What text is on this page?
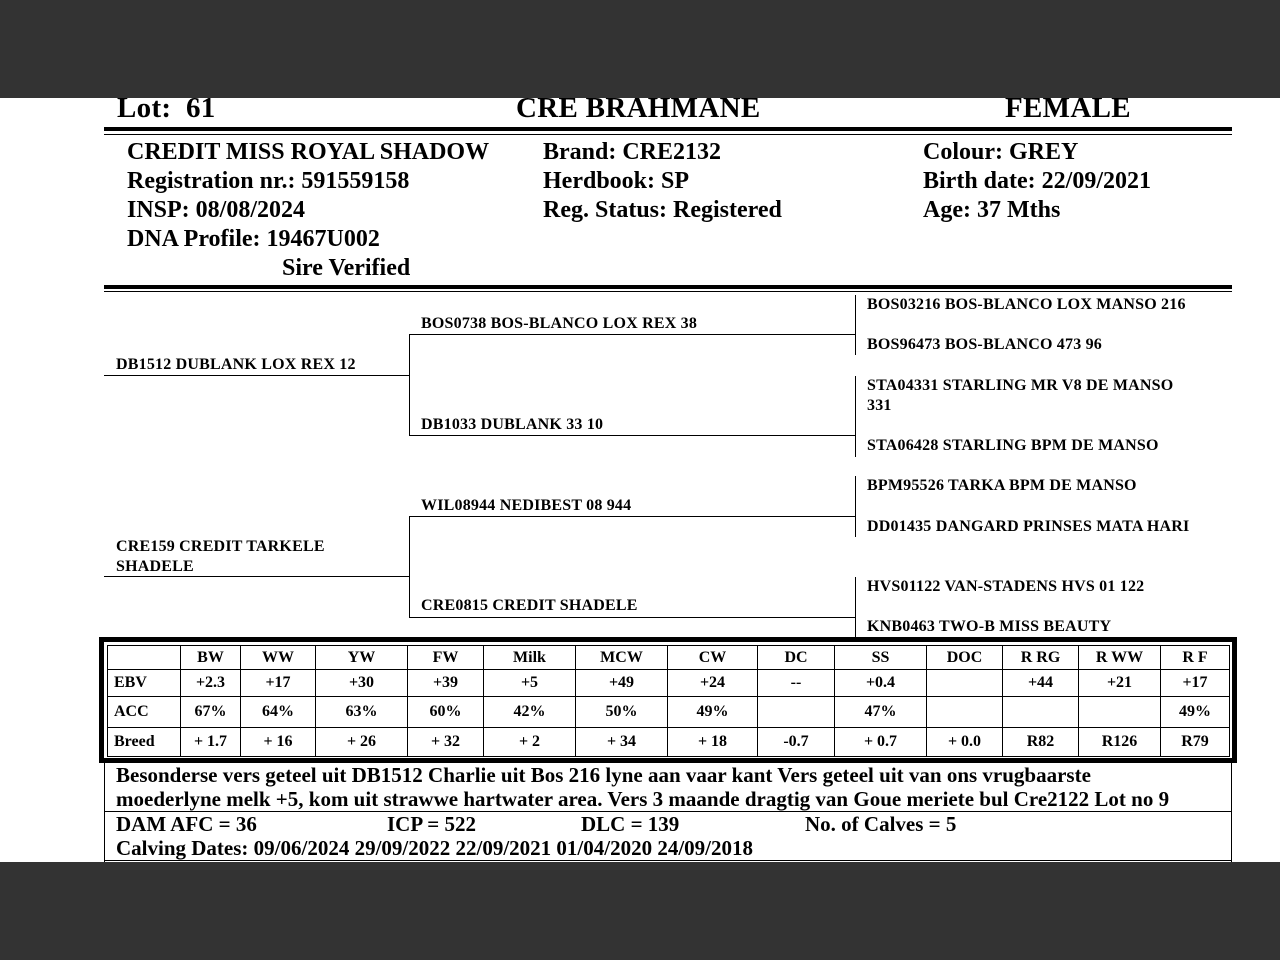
Lot: 61	CRE BRAHMANE	FEMALE
CREDIT MISS ROYAL SHADOW
Registration nr.: 591559158
INSP: 08/08/2024
DNA Profile: 19467U002
Sire Verified
Brand: CRE2132
Herdbook: SP
Reg. Status: Registered
Colour: GREY
Birth date: 22/09/2021
Age: 37 Mths
DB1512 DUBLANK LOX REX 12
CRE159 CREDIT TARKELE
SHADELE
BOS0738 BOS-BLANCO LOX REX 38
DB1033 DUBLANK 33 10
WIL08944 NEDIBEST 08 944
CRE0815 CREDIT SHADELE
BOS03216 BOS-BLANCO LOX MANSO 216
BOS96473 BOS-BLANCO 473 96
STA04331 STARLING MR V8 DE MANSO
331
STA06428 STARLING BPM DE MANSO
BPM95526 TARKA BPM DE MANSO
DD01435 DANGARD PRINSES MATA HARI
HVS01122 VAN-STADENS HVS 01 122
KNB0463 TWO-B MISS BEAUTY
	BW	WW	YW	FW	Milk	MCW	CW	DC	SS	DOC	R RG	R WW	R F
EBV	+2.3	+17	+30	+39	+5	+49	+24	--	+0.4		+44	+21	+17
ACC	67%	64%	63%	60%	42%	50%	49%		47%				49%
Breed	+ 1.7	+ 16	+ 26	+ 32	+ 2	+ 34	+ 18	-0.7	+ 0.7	+ 0.0	R82	R126	R79
Besonderse vers geteel uit DB1512 Charlie uit Bos 216 lyne aan vaar kant Vers geteel uit van ons vrugbaarste
moederlyne melk +5, kom uit strawwe hartwater area. Vers 3 maande dragtig van Goue meriete bul Cre2122 Lot no 9
DAM AFC = 36	ICP = 522	DLC = 139	No. of Calves = 5
Calving Dates: 09/06/2024 29/09/2022 22/09/2021 01/04/2020 24/09/2018
